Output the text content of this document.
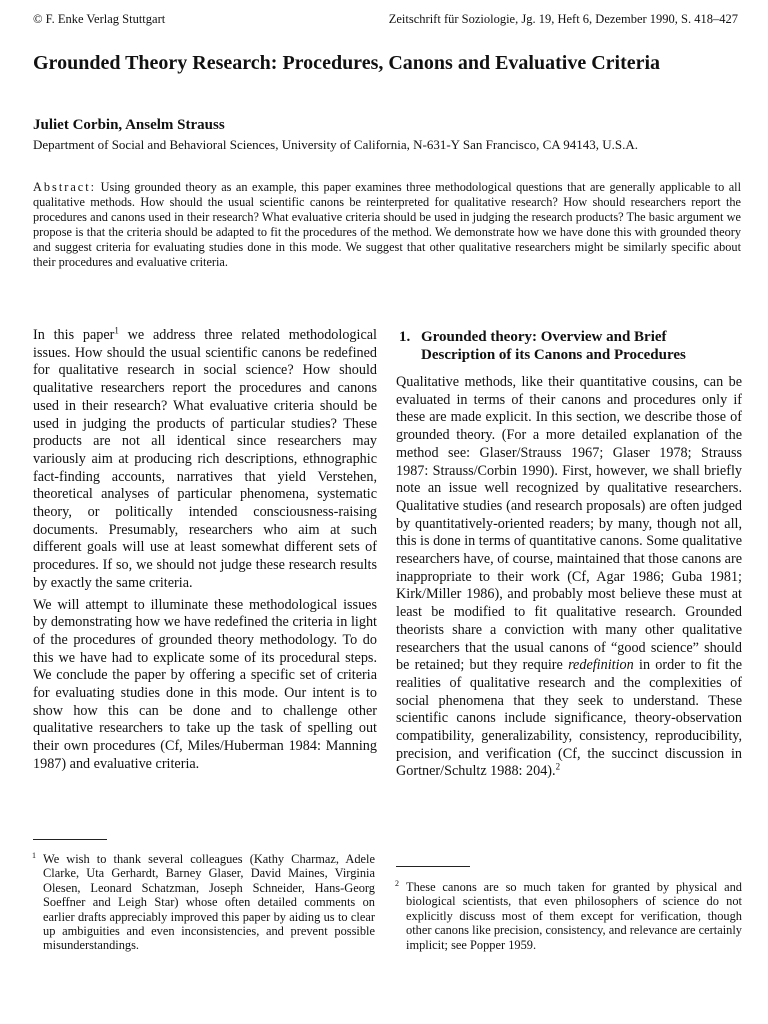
© F. Enke Verlag Stuttgart	Zeitschrift für Soziologie, Jg. 19, Heft 6, Dezember 1990, S. 418–427
Grounded Theory Research: Procedures, Canons and Evaluative Criteria
Juliet Corbin, Anselm Strauss
Department of Social and Behavioral Sciences, University of California, N-631-Y San Francisco, CA 94143, U.S.A.

Abstract: Using grounded theory as an example, this paper examines three methodological questions that are generally applicable to all qualitative methods. How should the usual scientific canons be reinterpreted for qualitative research? How should researchers report the procedures and canons used in their research? What evaluative criteria should be used in judging the research products? The basic argument we propose is that the criteria should be adapted to fit the procedures of the method. We demonstrate how we have done this with grounded theory and suggest criteria for evaluating studies done in this mode. We suggest that other qualitative researchers might be similarly specific about their procedures and evaluative criteria.

In this paper$^1$ we address three related methodological issues. How should the usual scientific canons be redefined for qualitative research in social science? How should qualitative researchers report the procedures and canons used in their research? What evaluative criteria should be used in judging the products of particular studies? These products are not all identical since researchers may variously aim at producing rich descriptions, ethnographic fact-finding accounts, narratives that yield Verstehen, theoretical analyses of particular phenomena, systematic theory, or politically intended consciousness-raising documents. Presumably, researchers who aim at such different goals will use at least somewhat different sets of procedures. If so, we should not judge these research results by exactly the same criteria.

We will attempt to illuminate these methodological issues by demonstrating how we have redefined the criteria in light of the procedures of grounded theory methodology. To do this we have had to explicate some of its procedural steps. We conclude the paper by offering a specific set of criteria for evaluating studies done in this mode. Our intent is to show how this can be done and to challenge other qualitative researchers to take up the task of spelling out their own procedures (Cf, Miles/Huberman 1984: Manning 1987) and evaluative criteria.

1. Grounded theory: Overview and Brief Description of its Canons and Procedures

Qualitative methods, like their quantitative cousins, can be evaluated in terms of their canons and procedures only if these are made explicit. In this section, we describe those of grounded theory. (For a more detailed explanation of the method see: Glaser/Strauss 1967; Glaser 1978; Strauss 1987: Strauss/Corbin 1990). First, however, we shall briefly note an issue well recognized by qualitative researchers. Qualitative studies (and research proposals) are often judged by quantitatively-oriented readers; by many, though not all, this is done in terms of quantitative canons. Some qualitative researchers have, of course, maintained that those canons are inappropriate to their work (Cf, Agar 1986; Guba 1981; Kirk/Miller 1986), and probably most believe these must at least be modified to fit qualitative research. Grounded theorists share a conviction with many other qualitative researchers that the usual canons of “good science” should be retained; but they require redefinition in order to fit the realities of qualitative research and the complexities of social phenomena that they seek to understand. These scientific canons include significance, theory-observation compatibility, generalizability, consistency, reproducibility, precision, and verification (Cf, the succinct discussion in Gortner/Schultz 1988: 204).$^2$

1 We wish to thank several colleagues (Kathy Charmaz, Adele Clarke, Uta Gerhardt, Barney Glaser, David Maines, Virginia Olesen, Leonard Schatzman, Joseph Schneider, Hans-Georg Soeffner and Leigh Star) whose often detailed comments on earlier drafts appreciably improved this paper by aiding us to clear up ambiguities and even inconsistencies, and prevent possible misunderstandings.
2 These canons are so much taken for granted by physical and biological scientists, that even philosophers of science do not explicitly discuss most of them except for verification, though other canons like precision, consistency, and relevance are certainly implicit; see Popper 1959.
